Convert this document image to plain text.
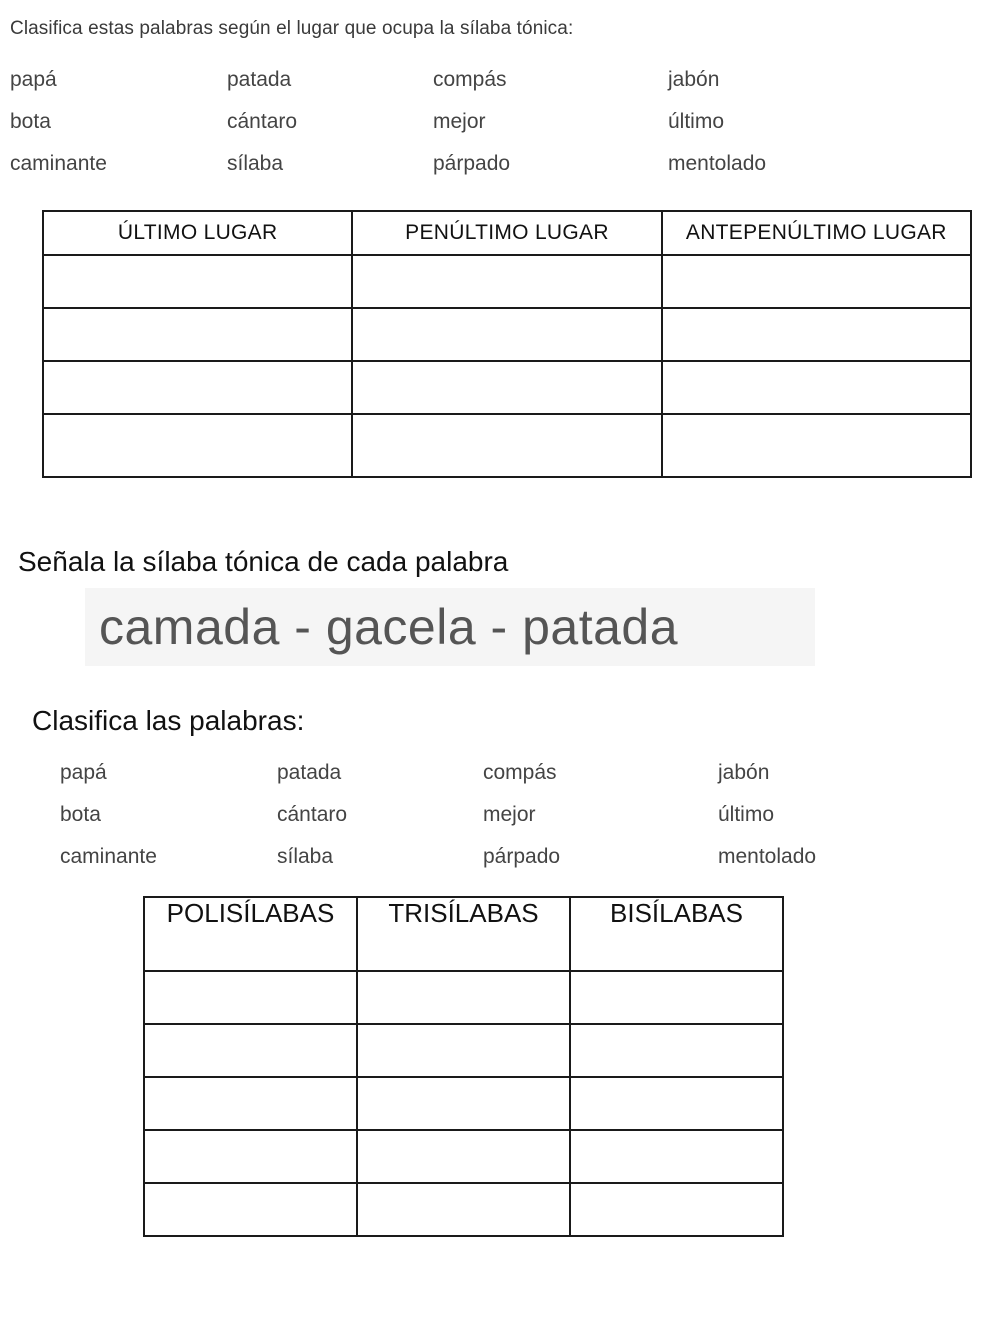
Clasifica estas palabras según el lugar que ocupa la sílaba tónica:
papá	patada	compás	jabón
bota	cántaro	mejor	último
caminante	sílaba	párpado	mentolado
ÚLTIMO LUGAR	PENÚLTIMO LUGAR	ANTEPENÚLTIMO LUGAR

Señala la sílaba tónica de cada palabra
camada - gacela - patada
Clasifica las palabras:
papá	patada	compás	jabón
bota	cántaro	mejor	último
caminante	sílaba	párpado	mentolado
POLISÍLABAS	TRISÍLABAS	BISÍLABAS
